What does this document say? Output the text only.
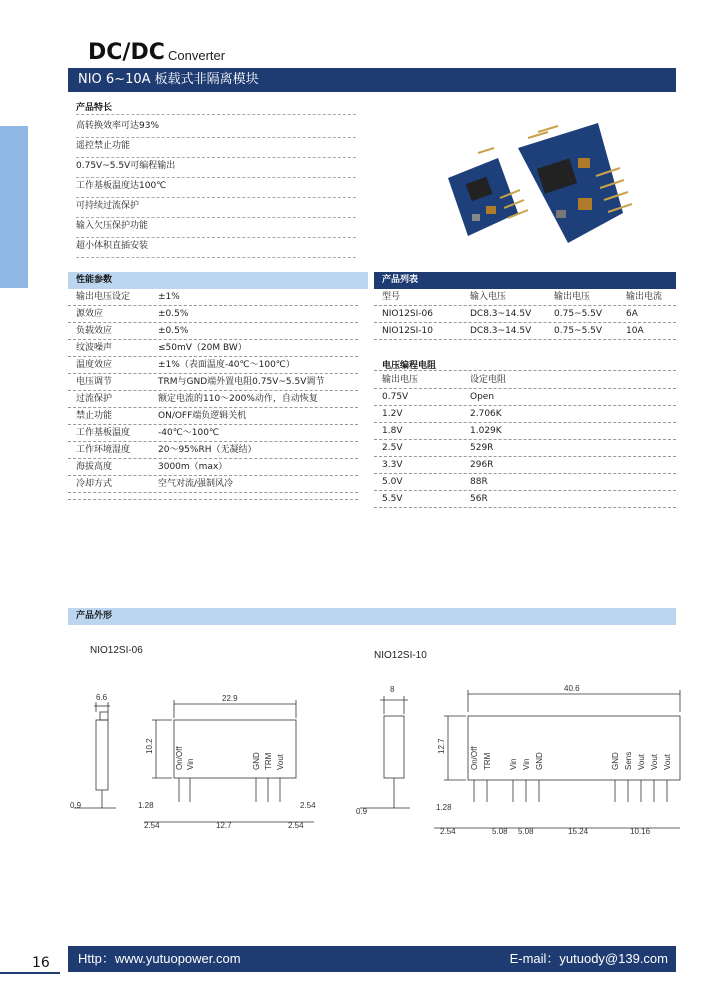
DC/DC Converter
NIO 6~10A 板载式非隔离模块
产品特长
高转换效率可达93%
遥控禁止功能
0.75V~5.5V可编程输出
工作基板温度达100℃
可持续过流保护
输入欠压保护功能
超小体积直插安装
性能参数
输出电压设定	±1%
源效应	±0.5%
负载效应	±0.5%
纹波噪声	≤50mV（20M BW）
温度效应	±1%（表面温度-40℃～100℃）
电压调节	TRM与GND端外置电阻0.75V~5.5V调节
过流保护	额定电流的110～200%动作，自动恢复
禁止功能	ON/OFF端负逻辑关机
工作基板温度	-40℃～100℃
工作环境湿度	20～95%RH（无凝结）
海拔高度	3000m（max）
冷却方式	空气对流/强制风冷
产品列表
型号	输入电压	输出电压	输出电流
NIO12SI-06	DC8.3~14.5V	0.75~5.5V	6A
NIO12SI-10	DC8.3~14.5V	0.75~5.5V	10A
电压编程电阻
输出电压	设定电阻
0.75V	Open
1.2V	2.706K
1.8V	1.029K
2.5V	529R
3.3V	296R
5.0V	88R
5.5V	56R
产品外形
NIO12SI-06	NIO12SI-10
6.6	22.9
10.2
0.9	1.28
2.54	12.7	2.54
2.54
On/Off Vin	GND TRM Vout
8	40.6
12.7
0.9	1.28
2.54	5.08 5.08	15.24	10.16
On/Off TRM Vin Vin GND	GND Sens Vout Vout Vout
16 Http：www.yutuopower.com	E-mail：yutuody@139.com
